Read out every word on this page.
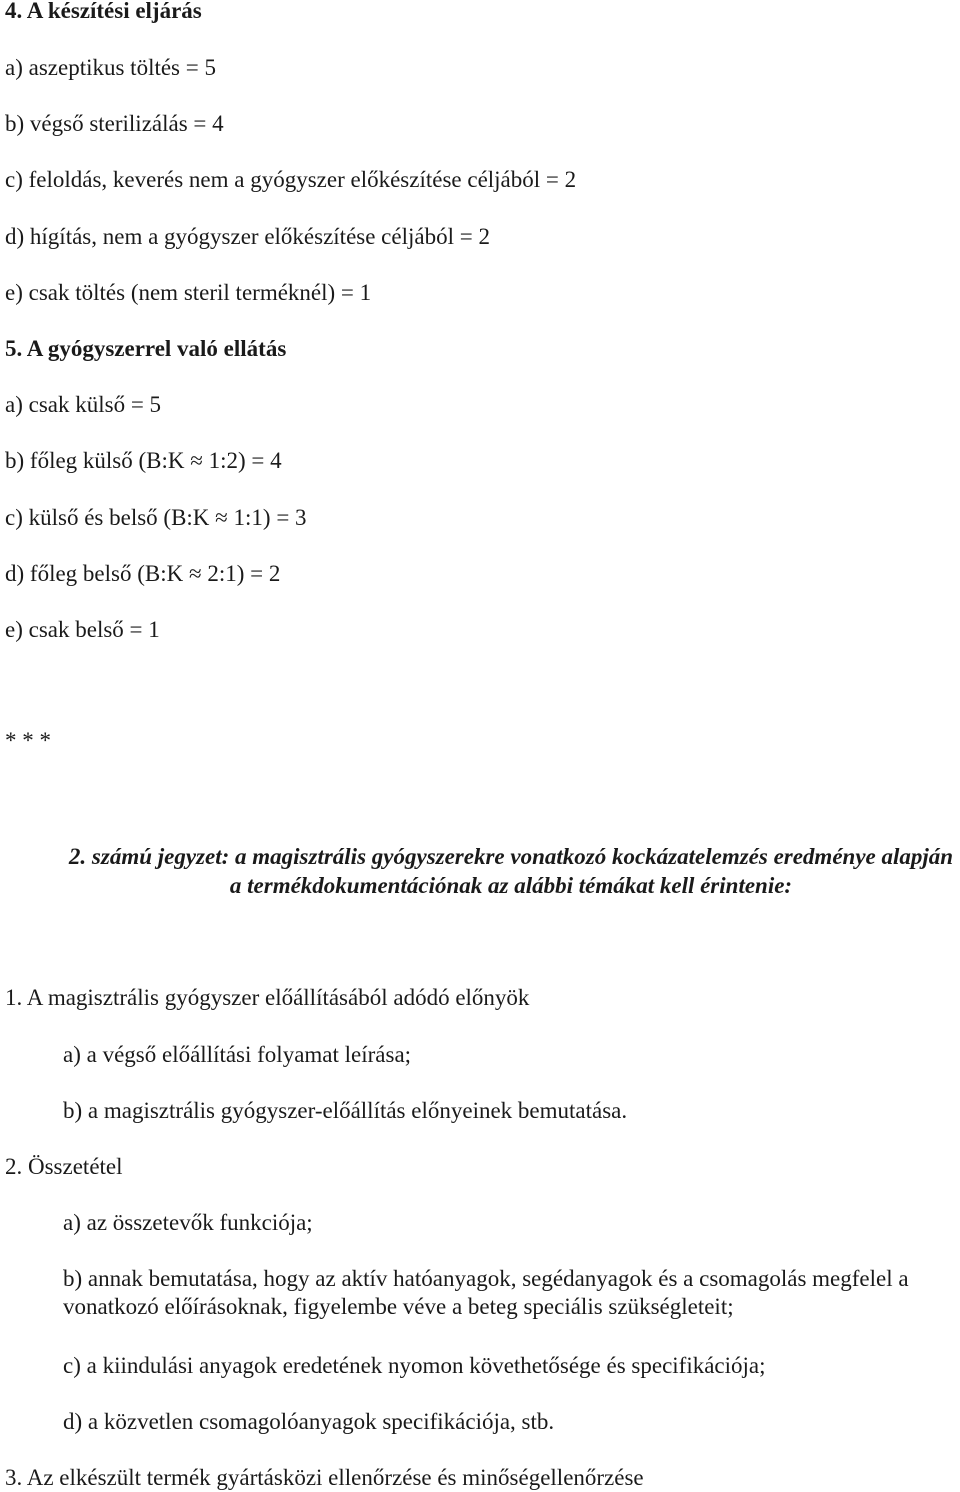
4. A készítési eljárás
a) aszeptikus töltés = 5
b) végső sterilizálás = 4
c) feloldás, keverés nem a gyógyszer előkészítése céljából = 2
d) hígítás, nem a gyógyszer előkészítése céljából = 2
e) csak töltés (nem steril terméknél) = 1
5. A gyógyszerrel való ellátás
a) csak külső = 5
b) főleg külső (B:K ≈ 1:2) = 4
c) külső és belső (B:K ≈ 1:1) = 3
d) főleg belső (B:K ≈ 2:1) = 2
e) csak belső = 1
* * *
2. számú jegyzet: a magisztrális gyógyszerekre vonatkozó kockázatelemzés eredménye alapján a termékdokumentációnak az alábbi témákat kell érintenie:
1. A magisztrális gyógyszer előállításából adódó előnyök
a) a végső előállítási folyamat leírása;
b) a magisztrális gyógyszer-előállítás előnyeinek bemutatása.
2. Összetétel
a) az összetevők funkciója;
b) annak bemutatása, hogy az aktív hatóanyagok, segédanyagok és a csomagolás megfelel a vonatkozó előírásoknak, figyelembe véve a beteg speciális szükségleteit;
c) a kiindulási anyagok eredetének nyomon követhetősége és specifikációja;
d) a közvetlen csomagolóanyagok specifikációja, stb.
3. Az elkészült termék gyártásközi ellenőrzése és minőségellenőrzése
